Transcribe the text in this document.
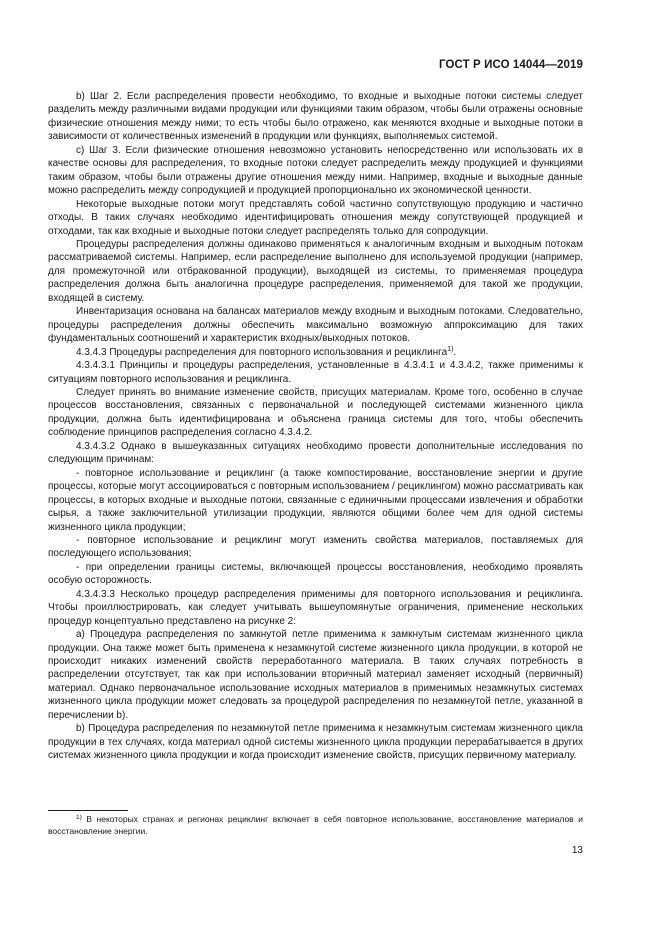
ГОСТ Р ИСО 14044—2019

b) Шаг 2. Если распределения провести необходимо, то входные и выходные потоки системы следует разделить между различными видами продукции или функциями таким образом, чтобы были отражены основные физические отношения между ними; то есть чтобы было отражено, как меняются входные и выходные потоки в зависимости от количественных изменений в продукции или функциях, выполняемых системой.

c) Шаг 3. Если физические отношения невозможно установить непосредственно или использовать их в качестве основы для распределения, то входные потоки следует распределить между продукцией и функциями таким образом, чтобы были отражены другие отношения между ними. Например, входные и выходные данные можно распределить между сопродукцией и продукцией пропорционально их экономической ценности.

Некоторые выходные потоки могут представлять собой частично сопутствующую продукцию и частично отходы. В таких случаях необходимо идентифицировать отношения между сопутствующей продукцией и отходами, так как входные и выходные потоки следует распределять только для сопродукции.

Процедуры распределения должны одинаково применяться к аналогичным входным и выходным потокам рассматриваемой системы. Например, если распределение выполнено для используемой продукции (например, для промежуточной или отбракованной продукции), выходящей из системы, то применяемая процедура распределения должна быть аналогична процедуре распределения, применяемой для такой же продукции, входящей в систему.

Инвентаризация основана на балансах материалов между входным и выходным потоками. Следовательно, процедуры распределения должны обеспечить максимально возможную аппроксимацию для таких фундаментальных соотношений и характеристик входных/выходных потоков.

4.3.4.3 Процедуры распределения для повторного использования и рециклинга$^{1)}$.

4.3.4.3.1 Принципы и процедуры распределения, установленные в 4.3.4.1 и 4.3.4.2, также применимы к ситуациям повторного использования и рециклинга.

Следует принять во внимание изменение свойств, присущих материалам. Кроме того, особенно в случае процессов восстановления, связанных с первоначальной и последующей системами жизненного цикла продукции, должна быть идентифицирована и объяснена граница системы для того, чтобы обеспечить соблюдение принципов распределения согласно 4.3.4.2.

4.3.4.3.2 Однако в вышеуказанных ситуациях необходимо провести дополнительные исследования по следующим причинам:

- повторное использование и рециклинг (а также компостирование, восстановление энергии и другие процессы, которые могут ассоциироваться с повторным использованием / рециклингом) можно рассматривать как процессы, в которых входные и выходные потоки, связанные с единичными процессами извлечения и обработки сырья, а также заключительной утилизации продукции, являются общими более чем для одной системы жизненного цикла продукции;

- повторное использование и рециклинг могут изменить свойства материалов, поставляемых для последующего использования;

- при определении границы системы, включающей процессы восстановления, необходимо проявлять особую осторожность.

4.3.4.3.3 Несколько процедур распределения применимы для повторного использования и рециклинга. Чтобы проиллюстрировать, как следует учитывать вышеупомянутые ограничения, применение нескольких процедур концептуально представлено на рисунке 2:

a) Процедура распределения по замкнутой петле применима к замкнутым системам жизненного цикла продукции. Она также может быть применена к незамкнутой системе жизненного цикла продукции, в которой не происходит никаких изменений свойств переработанного материала. В таких случаях потребность в распределении отсутствует, так как при использовании вторичный материал заменяет исходный (первичный) материал. Однако первоначальное использование исходных материалов в применимых незамкнутых системах жизненного цикла продукции может следовать за процедурой распределения по незамкнутой петле, указанной в перечислении b).

b) Процедура распределения по незамкнутой петле применима к незамкнутым системам жизненного цикла продукции в тех случаях, когда материал одной системы жизненного цикла продукции перерабатывается в других системах жизненного цикла продукции и когда происходит изменение свойств, присущих первичному материалу.

$^{1)}$ В некоторых странах и регионах рециклинг включает в себя повторное использование, восстановление материалов и восстановление энергии.
13
